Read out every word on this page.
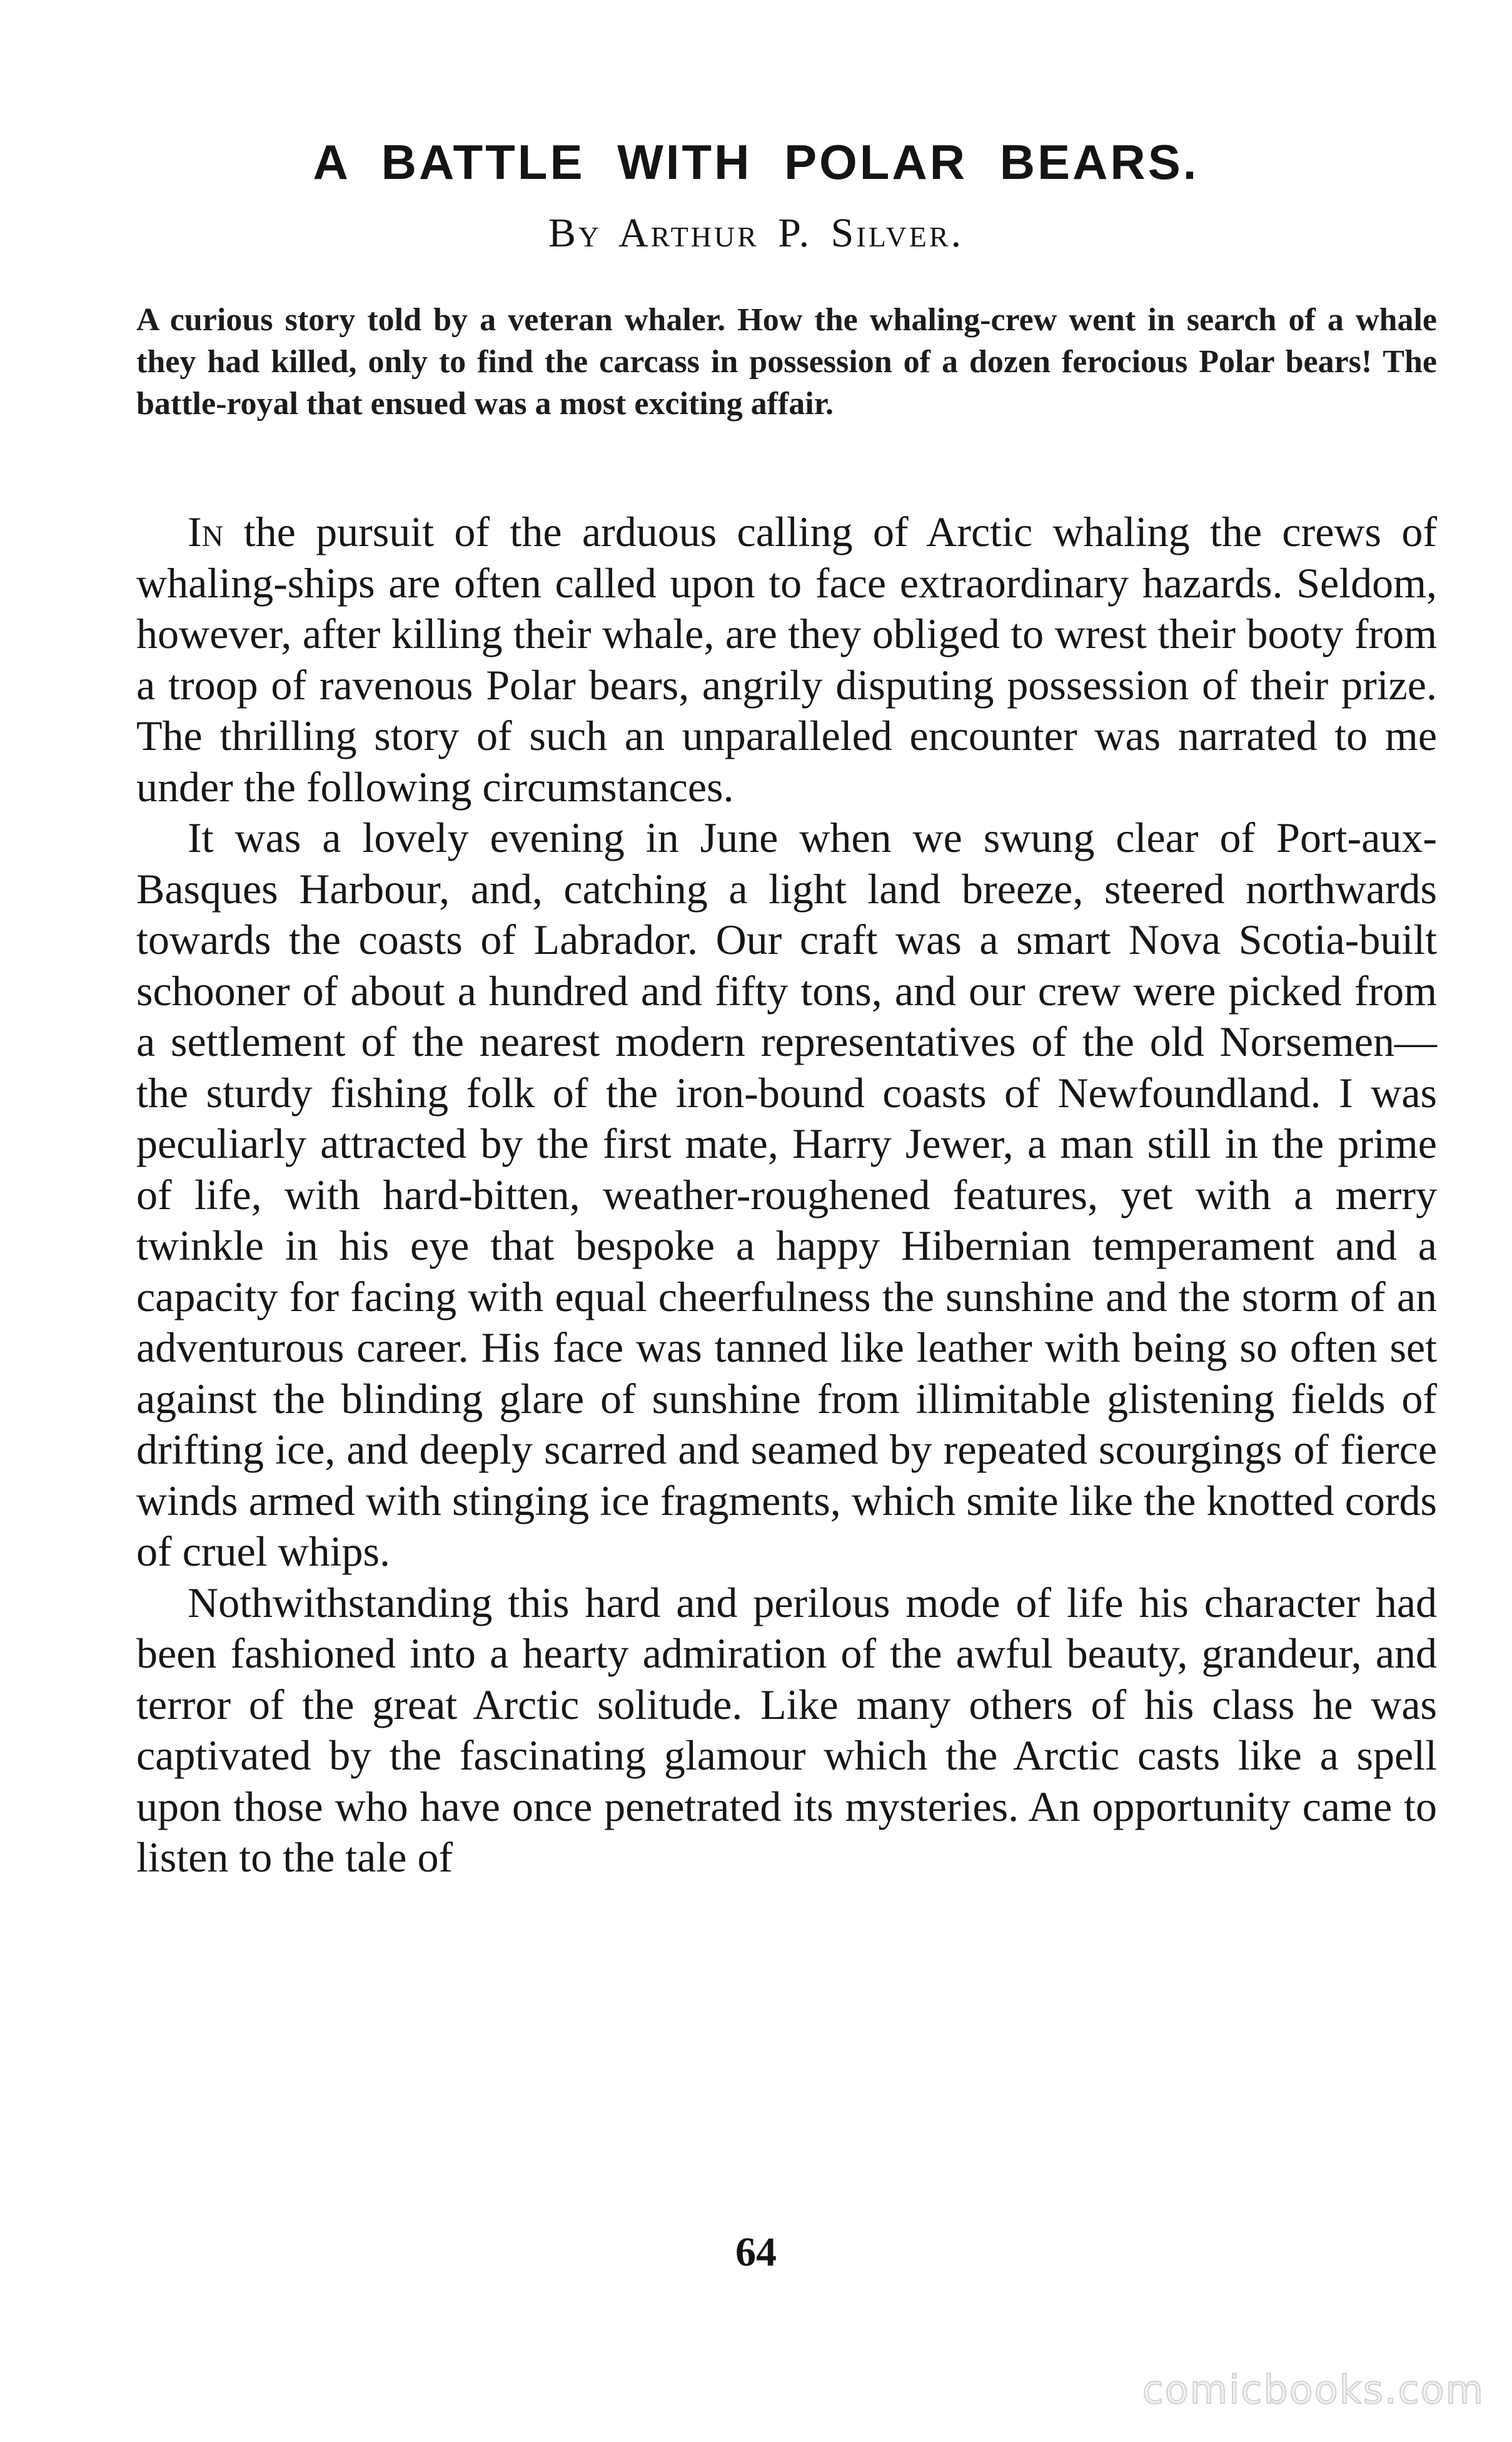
A BATTLE WITH POLAR BEARS.
By Arthur P. Silver.
A curious story told by a veteran whaler. How the whaling-crew went in search of a whale they had killed, only to find the carcass in possession of a dozen ferocious Polar bears! The battle-royal that ensued was a most exciting affair.

In the pursuit of the arduous calling of Arctic whaling the crews of whaling-ships are often called upon to face extraordinary hazards. Seldom, however, after killing their whale, are they obliged to wrest their booty from a troop of ravenous Polar bears, angrily disputing possession of their prize. The thrilling story of such an unparalleled encounter was narrated to me under the following circumstances.

It was a lovely evening in June when we swung clear of Port-aux-Basques Harbour, and, catching a light land breeze, steered northwards towards the coasts of Labrador. Our craft was a smart Nova Scotia-built schooner of about a hundred and fifty tons, and our crew were picked from a settlement of the nearest modern representatives of the old Norsemen—the sturdy fishing folk of the iron-bound coasts of Newfoundland. I was peculiarly attracted by the first mate, Harry Jewer, a man still in the prime of life, with hard-bitten, weather-roughened features, yet with a merry twinkle in his eye that bespoke a happy Hibernian temperament and a capacity for facing with equal cheerfulness the sunshine and the storm of an adventurous career. His face was tanned like leather with being so often set against the blinding glare of sunshine from illimitable glistening fields of drifting ice, and deeply scarred and seamed by repeated scourgings of fierce winds armed with stinging ice fragments, which smite like the knotted cords of cruel whips.

Nothwithstanding this hard and perilous mode of life his character had been fashioned into a hearty admiration of the awful beauty, grandeur, and terror of the great Arctic solitude. Like many others of his class he was captivated by the fascinating glamour which the Arctic casts like a spell upon those who have once penetrated its mysteries. An opportunity came to listen to the tale of

64
comicbooks.com
